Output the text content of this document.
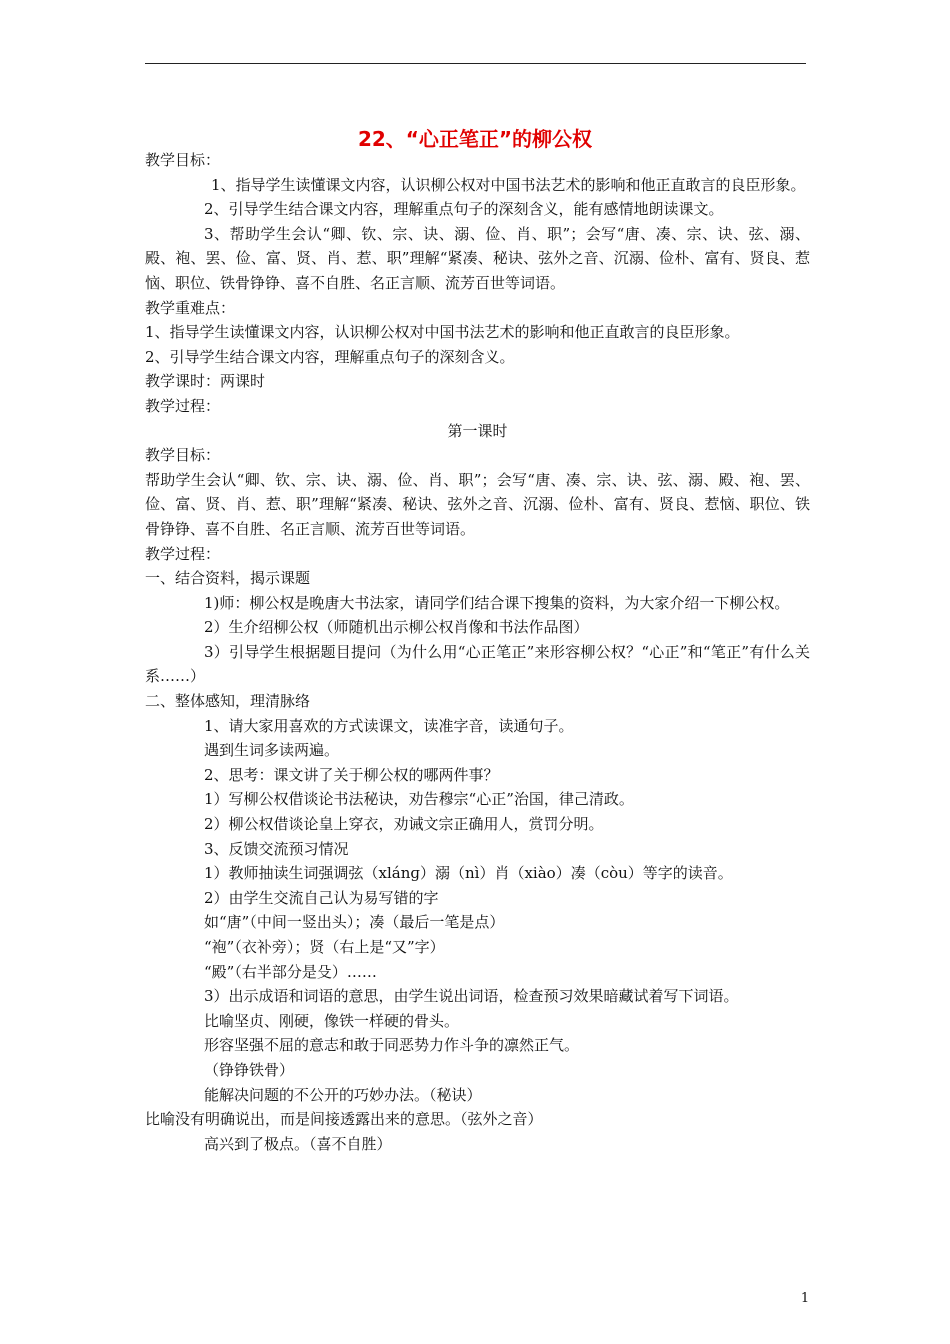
22、“心正笔正”的柳公权

教学目标：

1、指导学生读懂课文内容，认识柳公权对中国书法艺术的影响和他正直敢言的良臣形象。

2、引导学生结合课文内容，理解重点句子的深刻含义，能有感情地朗读课文。

3、帮助学生会认“卿、钦、宗、诀、溺、俭、肖、职”；会写“唐、凑、宗、诀、弦、溺、殿、袍、罢、俭、富、贤、肖、惹、职”理解“紧凑、秘诀、弦外之音、沉溺、俭朴、富有、贤良、惹恼、职位、铁骨铮铮、喜不自胜、名正言顺、流芳百世等词语。

教学重难点：

1、指导学生读懂课文内容，认识柳公权对中国书法艺术的影响和他正直敢言的良臣形象。

2、引导学生结合课文内容，理解重点句子的深刻含义。

教学课时：两课时

教学过程：

第一课时

教学目标：

帮助学生会认“卿、钦、宗、诀、溺、俭、肖、职”；会写“唐、凑、宗、诀、弦、溺、殿、袍、罢、俭、富、贤、肖、惹、职”理解“紧凑、秘诀、弦外之音、沉溺、俭朴、富有、贤良、惹恼、职位、铁骨铮铮、喜不自胜、名正言顺、流芳百世等词语。

教学过程：

一、结合资料，揭示课题

1)师：柳公权是晚唐大书法家，请同学们结合课下搜集的资料，为大家介绍一下柳公权。

2）生介绍柳公权（师随机出示柳公权肖像和书法作品图）

3）引导学生根据题目提问（为什么用“心正笔正”来形容柳公权？“心正”和“笔正”有什么关系……）

二、整体感知，理清脉络

1、请大家用喜欢的方式读课文，读准字音，读通句子。

遇到生词多读两遍。

2、思考：课文讲了关于柳公权的哪两件事？

1）写柳公权借谈论书法秘诀，劝告穆宗“心正”治国，律己清政。

2）柳公权借谈论皇上穿衣，劝诫文宗正确用人，赏罚分明。

3、反馈交流预习情况

1）教师抽读生词强调弦（xlánɡ）溺（nì）肖（xiào）凑（còu）等字的读音。

2）由学生交流自己认为易写错的字

如“唐”（中间一竖出头）；凑（最后一笔是点）

“袍”（衣补旁）；贤（右上是“又”字）

“殿”（右半部分是殳）……

3）出示成语和词语的意思，由学生说出词语，检查预习效果暗藏试着写下词语。

比喻坚贞、刚硬，像铁一样硬的骨头。

形容坚强不屈的意志和敢于同恶势力作斗争的凛然正气。

（铮铮铁骨）

能解决问题的不公开的巧妙办法。（秘诀）

比喻没有明确说出，而是间接透露出来的意思。（弦外之音）

高兴到了极点。（喜不自胜）

1
